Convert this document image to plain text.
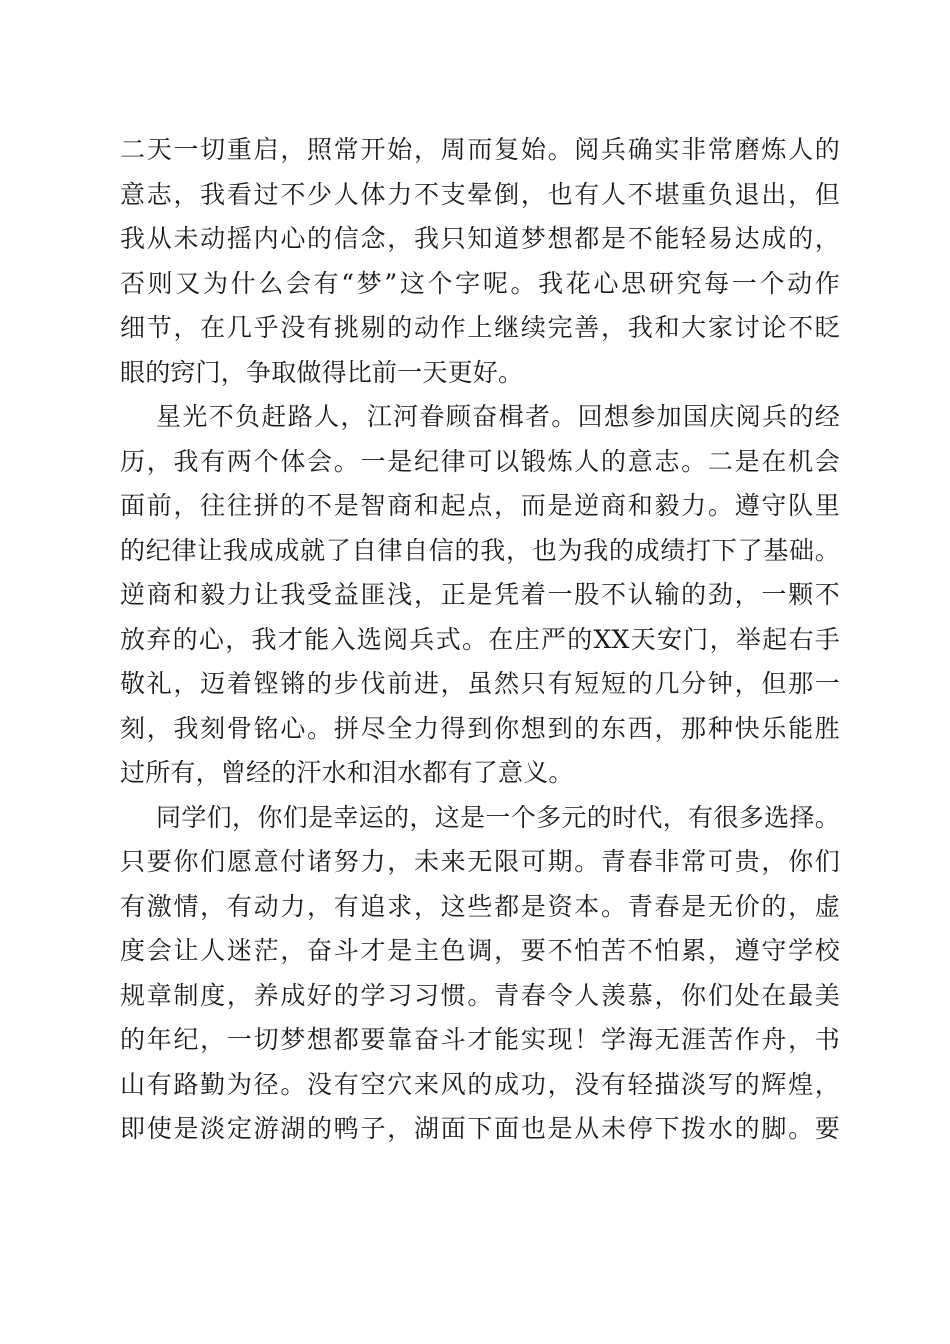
二天一切重启，照常开始，周而复始。阅兵确实非常磨炼人的
意志，我看过不少人体力不支晕倒，也有人不堪重负退出，但
我从未动摇内心的信念，我只知道梦想都是不能轻易达成的，
否则又为什么会有“梦”这个字呢。我花心思研究每一个动作
细节，在几乎没有挑剔的动作上继续完善，我和大家讨论不眨
眼的窍门，争取做得比前一天更好。
星光不负赶路人，江河眷顾奋楫者。回想参加国庆阅兵的经
历，我有两个体会。一是纪律可以锻炼人的意志。二是在机会
面前，往往拼的不是智商和起点，而是逆商和毅力。遵守队里
的纪律让我成成就了自律自信的我，也为我的成绩打下了基础。
逆商和毅力让我受益匪浅，正是凭着一股不认输的劲，一颗不
放弃的心，我才能入选阅兵式。在庄严的XX天安门，举起右手
敬礼，迈着铿锵的步伐前进，虽然只有短短的几分钟，但那一
刻，我刻骨铭心。拼尽全力得到你想到的东西，那种快乐能胜
过所有，曾经的汗水和泪水都有了意义。
同学们，你们是幸运的，这是一个多元的时代，有很多选择。
只要你们愿意付诸努力，未来无限可期。青春非常可贵，你们
有激情，有动力，有追求，这些都是资本。青春是无价的，虚
度会让人迷茫，奋斗才是主色调，要不怕苦不怕累，遵守学校
规章制度，养成好的学习习惯。青春令人羡慕，你们处在最美
的年纪，一切梦想都要靠奋斗才能实现！学海无涯苦作舟，书
山有路勤为径。没有空穴来风的成功，没有轻描淡写的辉煌，
即使是淡定游湖的鸭子，湖面下面也是从未停下拨水的脚。要
